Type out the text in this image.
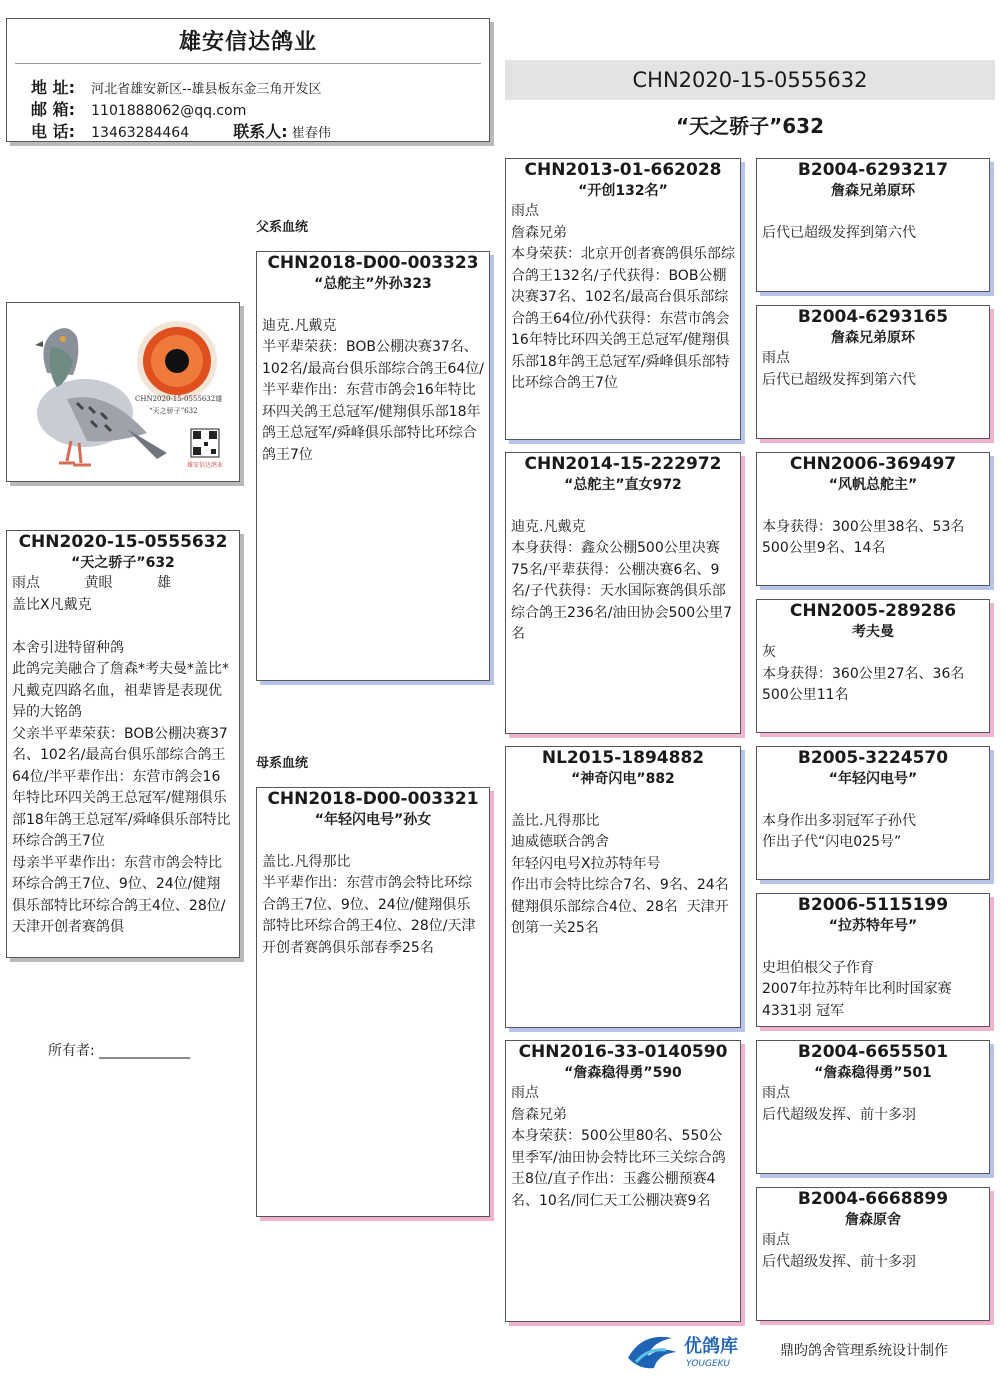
雄安信达鸽业
地 址: 河北省雄安新区--雄县板东金三角开发区
邮 箱: 1101888062@qq.com
电 话: 13463284464	联系人: 崔春伟
CHN2020-15-0555632
“天之骄子”632
父系血统
母系血统
CHN2020-15-0555632雄
“天之骄子”632
雄安信达鸽业
CHN2020-15-0555632
“天之骄子”632
雨点          黄眼          雄
盖比X凡戴克

本舍引进特留种鸽
此鸽完美融合了詹森*考夫曼*盖比*凡戴克四路名血，祖辈皆是表现优异的大铭鸽
父亲半平辈荣获：BOB公棚决赛37名、102名/最高台俱乐部综合鸽王64位/半平辈作出：东营市鸽会16年特比环四关鸽王总冠军/健翔俱乐部18年鸽王总冠军/舜峰俱乐部特比环综合鸽王7位
母亲半平辈作出：东营市鸽会特比环综合鸽王7位、9位、24位/健翔俱乐部特比环综合鸽王4位、28位/天津开创者赛鸽俱
所有者: _____________
CHN2018-D00-003323
“总舵主”外孙323

迪克.凡戴克
半平辈荣获：BOB公棚决赛37名、102名/最高台俱乐部综合鸽王64位/半平辈作出：东营市鸽会16年特比环四关鸽王总冠军/健翔俱乐部18年鸽王总冠军/舜峰俱乐部特比环综合鸽王7位
CHN2018-D00-003321
“年轻闪电号”孙女

盖比.凡得那比
半平辈作出：东营市鸽会特比环综合鸽王7位、9位、24位/健翔俱乐部特比环综合鸽王4位、28位/天津开创者赛鸽俱乐部春季25名
CHN2013-01-662028
“开创132名”
雨点
詹森兄弟
本身荣获：北京开创者赛鸽俱乐部综合鸽王132名/子代获得：BOB公棚决赛37名、102名/最高台俱乐部综合鸽王64位/孙代获得：东营市鸽会16年特比环四关鸽王总冠军/健翔俱乐部18年鸽王总冠军/舜峰俱乐部特比环综合鸽王7位
CHN2014-15-222972
“总舵主”直女972

迪克.凡戴克
本身获得：鑫众公棚500公里决赛75名/平辈获得：公棚决赛6名、9名/子代获得：天水国际赛鸽俱乐部综合鸽王236名/油田协会500公里7名
NL2015-1894882
“神奇闪电”882

盖比.凡得那比
迪威德联合鸽舍
年轻闪电号X拉苏特年号
作出市会特比综合7名、9名、24名  健翔俱乐部综合4位、28名  天津开创第一关25名
CHN2016-33-0140590
“詹森稳得勇”590
雨点
詹森兄弟
本身荣获：500公里80名、550公里季军/油田协会特比环三关综合鸽王8位/直子作出：玉鑫公棚预赛4名、10名/同仁天工公棚决赛9名
B2004-6293217
詹森兄弟原环

后代已超级发挥到第六代
B2004-6293165
詹森兄弟原环
雨点
后代已超级发挥到第六代
CHN2006-369497
“风帆总舵主”

本身获得：300公里38名、53名
500公里9名、14名
CHN2005-289286
考夫曼
灰
本身获得：360公里27名、36名
500公里11名
B2005-3224570
“年轻闪电号”

本身作出多羽冠军子孙代
作出子代“闪电025号”
B2006-5115199
“拉苏特年号”

史坦伯根父子作育
2007年拉苏特年比利时国家赛4331羽 冠军
B2004-6655501
“詹森稳得勇”501
雨点
后代超级发挥、前十多羽
B2004-6668899
詹森原舍
雨点
后代超级发挥、前十多羽
优鸽库
YOUGEKU
鼎昀鸽舍管理系统设计制作
